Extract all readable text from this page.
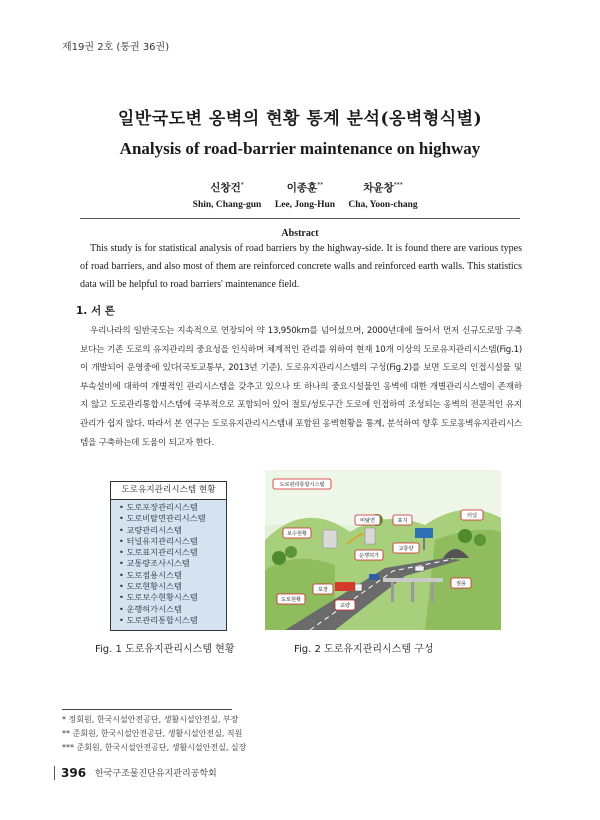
제19권 2호 (통권 36권)
일반국도변 옹벽의 현황 통계 분석(옹벽형식별)
Analysis of road-barrier maintenance on highway
신창건*
Shin, Chang-gun
이종훈**
Lee, Jong-Hun
차윤창***
Cha, Yoon-chang
Abstract
This study is for statistical analysis of road barriers by the highway-side. It is found there are various types of road barriers, and also most of them are reinforced concrete walls and reinforced earth walls. This statistics data will be helpful to road barriers' maintenance field.
1. 서 론
우리나라의 일반국도는 지속적으로 연장되어 약 13,950km를 넘어섰으며, 2000년대에 들어서 먼저 신규도로망 구축보다는 기존 도로의 유지관리의 중요성을 인식하며 체계적인 관리를 위하여 현재 10개 이상의 도로유지관리시스템(Fig.1)이 개발되어 운영중에 있다(국토교통부, 2013년 기준). 도로유지관리시스템의 구성(Fig.2)를 보면 도로의 인접시설물 및 부속설비에 대하여 개별적인 관리시스템을 갖추고 있으나 또 하나의 중요시설물인 옹벽에 대한 개별관리시스템이 존재하지 않고 도로관리통합시스템에 국부적으로 포함되어 있어 절토/성토구간 도로에 인접하여 조성되는 옹벽의 전문적인 유지관리가 쉽지 않다. 따라서 본 연구는 도로유지관리시스템내 포함된 옹벽현황을 통계, 분석하여 향후 도로옹벽유지관리시스템을 구축하는데 도움이 되고자 한다.
도로유지관리시스템 현황
• 도로포장관리시스템
• 도로비탈면관리시스템
• 교량관리시스템
• 터널유지관리시스템
• 도로표지관리시스템
• 교통량조사시스템
• 도로점용시스템
• 도로현황시스템
• 도로보수현황시스템
• 운행허가시스템
• 도로관리통합시스템
도로관리통합시스템
비탈면	표지
터널
보수현황
교통량
운행허가
도로현황
포장
교량
점용
Fig. 1 도로유지관리시스템 현황	Fig. 2 도로유지관리시스템 구성
* 정회원, 한국시설안전공단, 생활시설안전실, 부장
** 준회원, 한국시설안전공단, 생활시설안전실, 직원
*** 준회원, 한국시설안전공단, 생활시설안전실, 실장
396 한국구조물진단유지관리공학회
